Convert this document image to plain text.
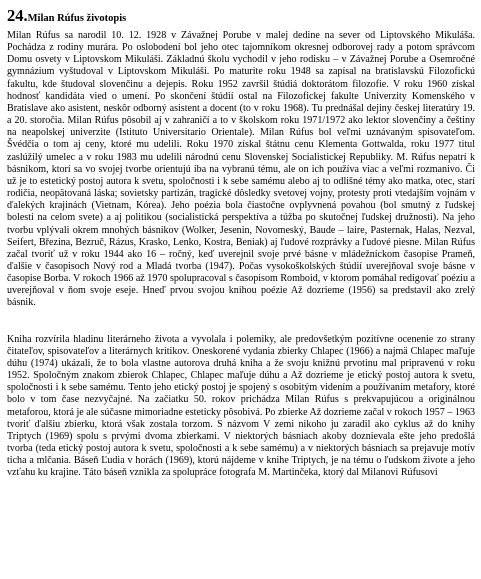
24. Milan Rúfus životopis

Milan Rúfus sa narodil 10. 12. 1928 v Závažnej Porube v malej dedine na sever od Liptovského Mikuláša. Pochádza z rodiny murára. Po oslobodení bol jeho otec tajomníkom okresnej odborovej rady a potom správcom Domu osvety v Liptovskom Mikuláši. Základnú školu vychodil v jeho rodisku – v Závažnej Porube a Osemročné gymnázium vyštudoval v Liptovskom Mikuláši. Po maturite roku 1948 sa zapísal na bratislavskú Filozofickú fakultu, kde študoval slovenčinu a dejepis. Roku 1952 završil štúdiá doktorátom filozofie. V roku 1960 získal hodnosť kandidáta vied o umení. Po skončení štúdií ostal na Filozofickej fakulte Univerzity Komenského v Bratislave ako asistent, neskôr odborný asistent a docent (to v roku 1968). Tu prednášal dejiny českej literatúry 19. a 20. storočia. Milan Rúfus pôsobil aj v zahraničí a to v školskom roku 1971/1972 ako lektor slovenčiny a češtiny na neapolskej univerzite (Istituto Universitario Orientale). Milan Rúfus bol veľmi uznávaným spisovateľom. Švédčia o tom aj ceny, ktoré mu udelili. Roku 1970 získal štátnu cenu Klementa Gottwalda, roku 1977 titul zaslúžilý umelec a v roku 1983 mu udelili národnú cenu Slovenskej Socialistickej Republiky. M. Rúfus nepatrí k básnikom, ktorí sa vo svojej tvorbe orientujú iba na vybranú tému, ale on ich používa viac a veľmi rozmanivo. Či už je to estetický postoj autora k svetu, spoločnosti i k sebe samému alebo aj to odlišné témy ako matka, otec, starí rodičia, neopätovaná láska; sovietsky partizán, tragické dôsledky svetovej vojny, protesty proti vtedajším vojnám v ďalekých krajinách (Vietnam, Kórea). Jeho poézia bola čiastočne ovplyvnená povahou (bol smutný z ľudskej bolesti na celom svete) a aj politikou (socialistická perspektíva a túžba po skutočnej ľudskej družnosti). Na jeho tvorbu vplývali okrem mnohých básnikov (Wolker, Jesenin, Novomeský, Baude – laire, Pasternak, Halas, Nezval, Seifert, Březina, Bezruč, Rázus, Krasko, Lenko, Kostra, Beniak) aj ľudové rozprávky a ľudové piesne. Milan Rúfus začal tvoriť už v roku 1944 ako 16 – ročný, keď uverejnil svoje prvé básne v mládežníckom časopise Prameň, ďalšie v časopisoch Nový rod a Mladá tvorba (1947). Počas vysokoškolských štúdií uverejňoval svoje básne v časopise Borba. V rokoch 1966 až 1970 spolupracoval s časopisom Romboid, v ktorom pomáhal redigovať poéziu a uverejňoval v ňom svoje eseje. Hneď prvou svojou knihou poézie Až dozrieme (1956) sa predstavil ako zrelý básnik.

Kniha rozvírila hladinu literárneho života a vyvolala i polemiky, ale predovšetkým pozitívne ocenenie zo strany čitateľov, spisovateľov a literárnych kritikov. Oneskorené vydania zbierky Chlapec (1966) a najmä Chlapec maľuje dúhu (1974) ukázali, že to bola vlastne autorova druhá kniha a že svoju knižnú prvotinu mal pripravenú v roku 1952. Spoločným znakom zbierok Chlapec, Chlapec maľuje dúhu a Až dozrieme je etický postoj autora k svetu, spoločnosti i k sebe samému. Tento jeho etický postoj je spojený s osobitým videním a používaním metafory, ktoré bolo v tom čase nezvyčajné. Na začiatku 50. rokov prichádza Milan Rúfus s prekvapujúcou a originálnou metaforou, ktorá je ale súčasne mimoriadne esteticky pôsobivá. Po zbierke Až dozrieme začal v rokoch 1957 – 1963 tvoriť ďalšiu zbierku, ktorá však zostala torzom. S názvom V zemi nikoho ju zaradil ako cyklus až do knihy Triptych (1969) spolu s prvými dvoma zbierkami. V niektorých básniach akoby doznievala ešte jeho predošlá tvorba (teda etický postoj autora k svetu, spoločnosti a k sebe samému) a v niektorých básniach sa prejavuje motív ticha a mlčania. Báseň Ľudia v horách (1969), ktorú nájdeme v knihe Triptych, je na tému o ľudskom živote a jeho vzťahu ku krajine. Táto báseň vznikla za spolupráce fotografa M. Martinčeka, ktorý dal Milanovi Rúfusovi
